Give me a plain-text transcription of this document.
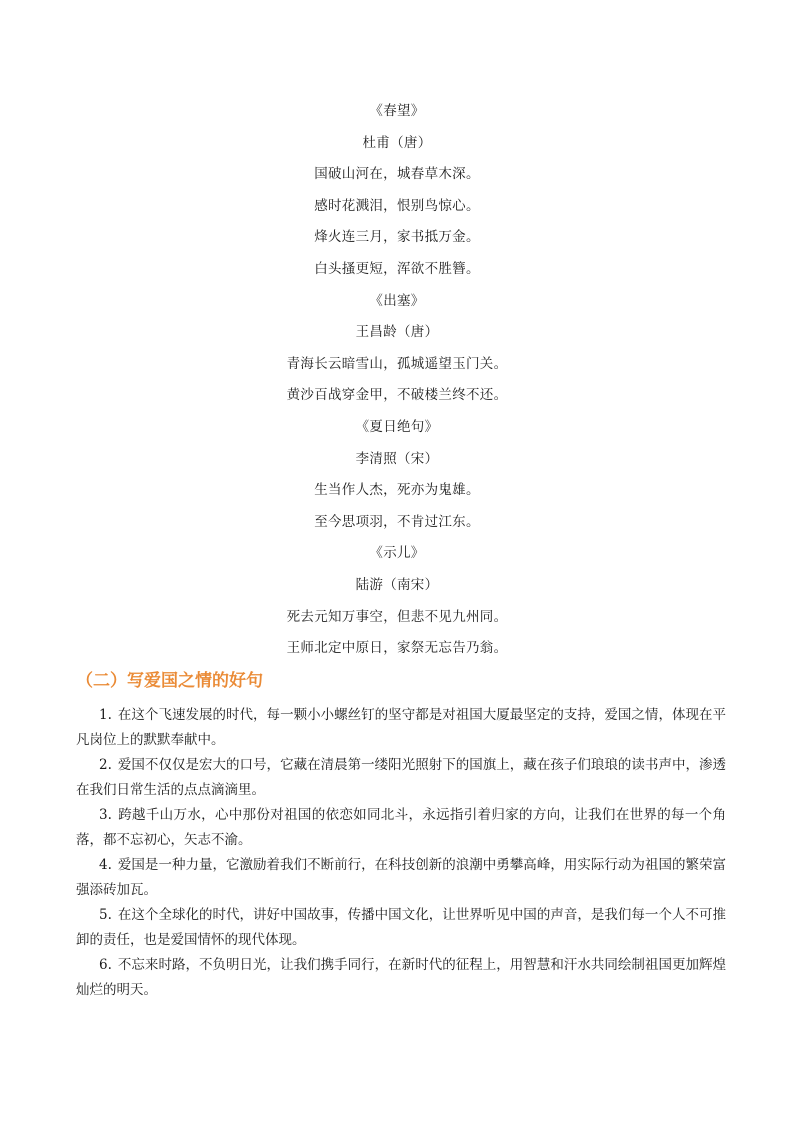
《春望》
杜甫（唐）
国破山河在，城春草木深。
感时花溅泪，恨别鸟惊心。
烽火连三月，家书抵万金。
白头搔更短，浑欲不胜簪。
《出塞》
王昌龄（唐）
青海长云暗雪山，孤城遥望玉门关。
黄沙百战穿金甲，不破楼兰终不还。
《夏日绝句》
李清照（宋）
生当作人杰，死亦为鬼雄。
至今思项羽，不肯过江东。
《示儿》
陆游（南宋）
死去元知万事空，但悲不见九州同。
王师北定中原日，家祭无忘告乃翁。
（二）写爱国之情的好句

1. 在这个飞速发展的时代，每一颗小小螺丝钉的坚守都是对祖国大厦最坚定的支持，爱国之情，体现在平凡岗位上的默默奉献中。

2. 爱国不仅仅是宏大的口号，它藏在清晨第一缕阳光照射下的国旗上，藏在孩子们琅琅的读书声中，渗透在我们日常生活的点点滴滴里。

3. 跨越千山万水，心中那份对祖国的依恋如同北斗，永远指引着归家的方向，让我们在世界的每一个角落，都不忘初心，矢志不渝。

4. 爱国是一种力量，它激励着我们不断前行，在科技创新的浪潮中勇攀高峰，用实际行动为祖国的繁荣富强添砖加瓦。

5. 在这个全球化的时代，讲好中国故事，传播中国文化，让世界听见中国的声音，是我们每一个人不可推卸的责任，也是爱国情怀的现代体现。

6. 不忘来时路，不负明日光，让我们携手同行，在新时代的征程上，用智慧和汗水共同绘制祖国更加辉煌灿烂的明天。
